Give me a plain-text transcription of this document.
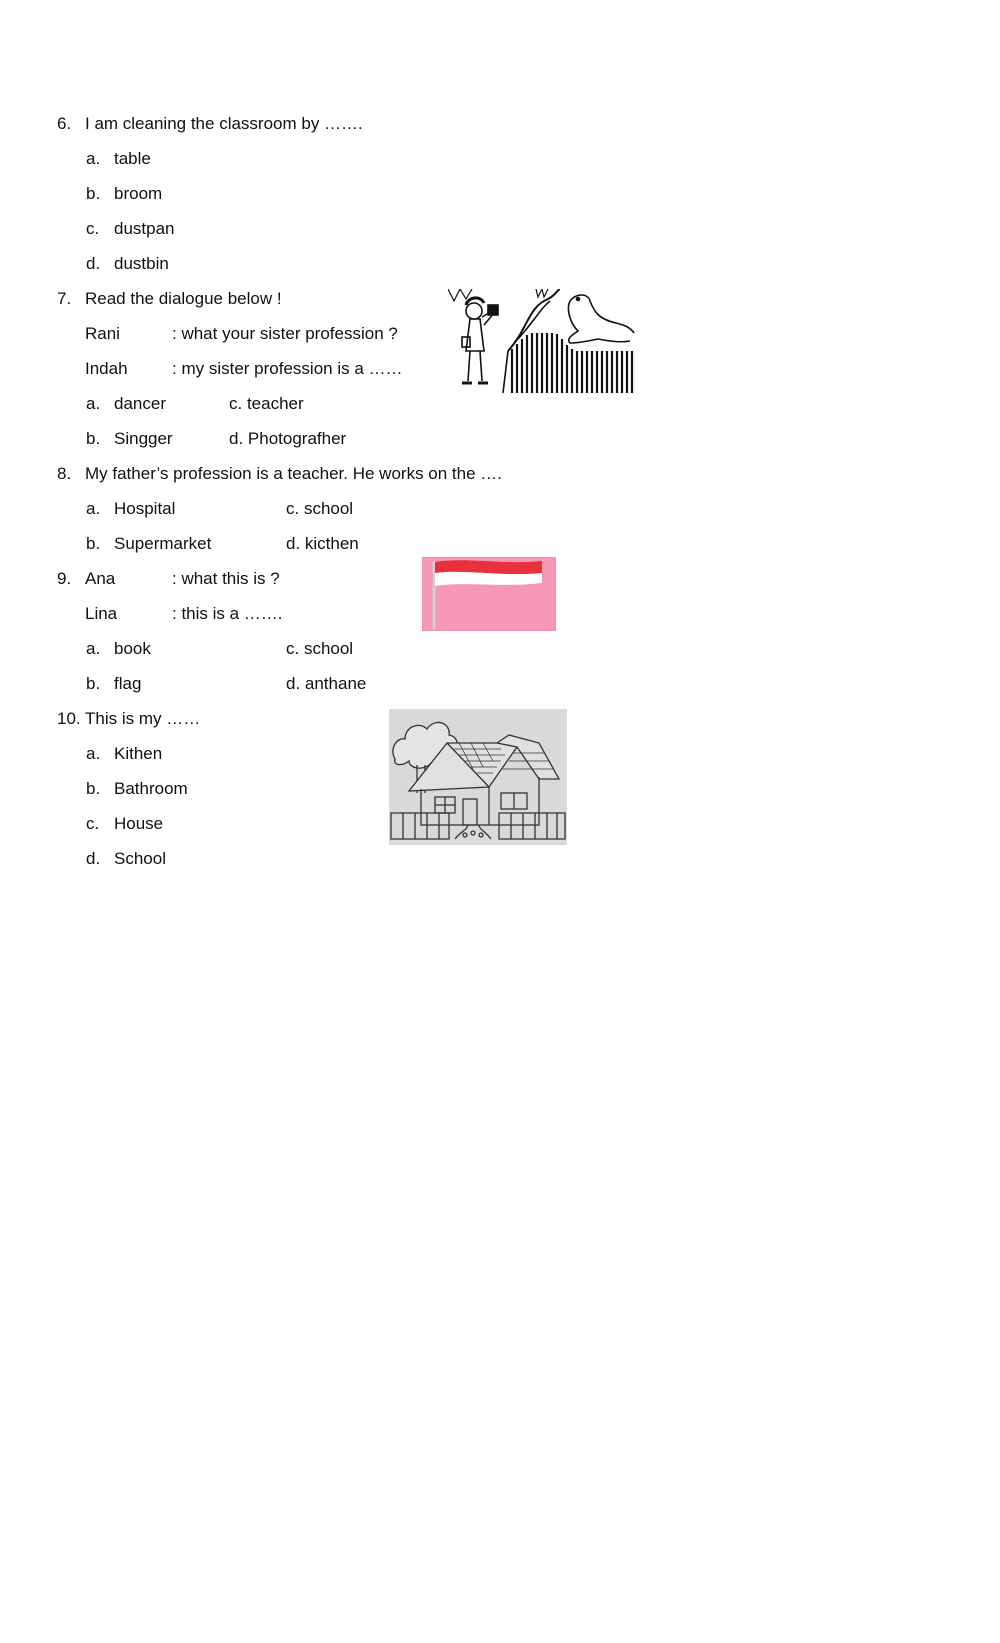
6. I am cleaning the classroom by …….
a. table
b. broom
c. dustpan
d. dustbin
7. Read the dialogue below !
Rani	: what your sister profession ?
Indah	: my sister profession is a ……
a. dancer	c. teacher
b. Singger	d. Photografher
8. My father’s profession is a teacher. He works on the ….
a. Hospital	c. school
b. Supermarket	d. kicthen
9. Ana	: what this is ?
Lina	: this is a …….
a. book	c. school
b. flag	d. anthane
10. This is my ……
a. Kithen
b. Bathroom
c. House
d. School
